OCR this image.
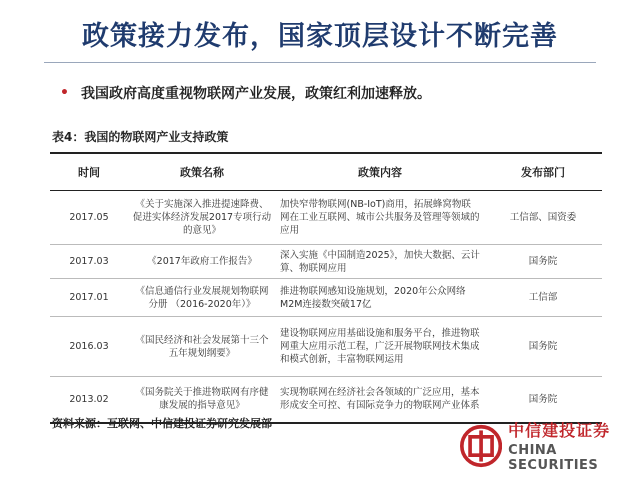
政策接力发布，国家顶层设计不断完善
• 我国政府高度重视物联网产业发展，政策红利加速释放。
表4：我国的物联网产业支持政策
时间	政策名称	政策内容	发布部门
2017.05	《关于实施深入推进提速降费、促进实体经济发展2017专项行动的意见》	加快窄带物联网(NB-IoT)商用，拓展蜂窝物联网在工业互联网、城市公共服务及管理等领域的应用	工信部、国资委
2017.03	《2017年政府工作报告》	深入实施《中国制造2025》，加快大数据、云计算、物联网应用	国务院
2017.01	《信息通信行业发展规划物联网分册 （2016-2020年）》	推进物联网感知设施规划，2020年公众网络M2M连接数突破17亿	工信部
2016.03	《国民经济和社会发展第十三个五年规划纲要》	建设物联网应用基础设施和服务平台，推进物联网重大应用示范工程，广泛开展物联网技术集成和模式创新，丰富物联网运用	国务院
2013.02	《国务院关于推进物联网有序健康发展的指导意见》	实现物联网在经济社会各领域的广泛应用，基本形成安全可控、有国际竞争力的物联网产业体系	国务院
资料来源：互联网、中信建投证券研究发展部	中信建投证券
CHINA SECURITIES
